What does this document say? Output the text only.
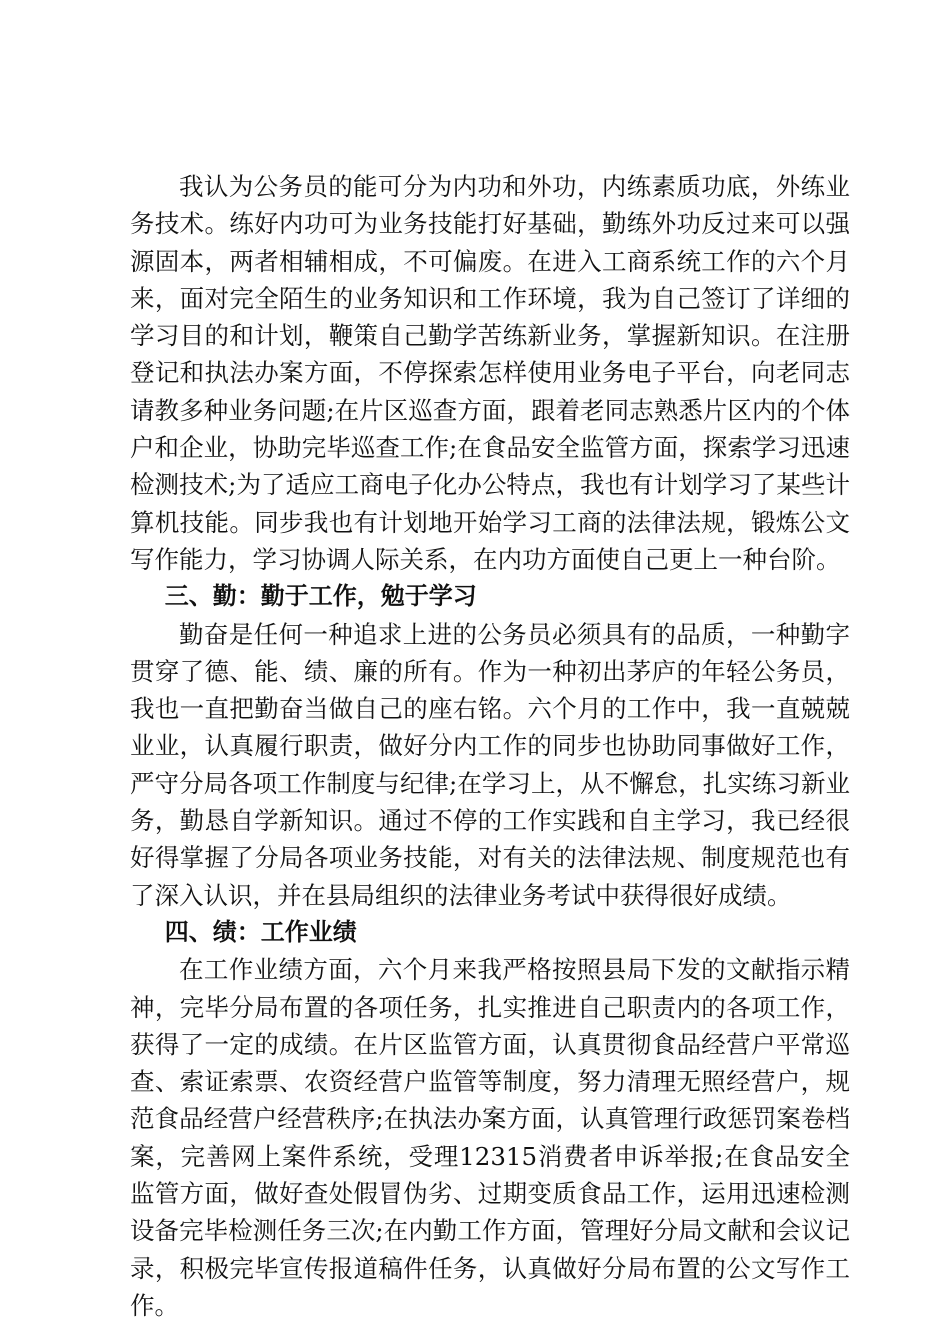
我认为公务员的能可分为内功和外功，内练素质功底，外练业务技术。练好内功可为业务技能打好基础，勤练外功反过来可以强源固本，两者相辅相成，不可偏废。在进入工商系统工作的六个月来，面对完全陌生的业务知识和工作环境，我为自己签订了详细的学习目的和计划，鞭策自己勤学苦练新业务，掌握新知识。在注册登记和执法办案方面，不停探索怎样使用业务电子平台，向老同志请教多种业务问题;在片区巡查方面，跟着老同志熟悉片区内的个体户和企业，协助完毕巡查工作;在食品安全监管方面，探索学习迅速检测技术;为了适应工商电子化办公特点，我也有计划学习了某些计算机技能。同步我也有计划地开始学习工商的法律法规，锻炼公文写作能力，学习协调人际关系，在内功方面使自己更上一种台阶。

三、勤：勤于工作，勉于学习

勤奋是任何一种追求上进的公务员必须具有的品质，一种勤字贯穿了德、能、绩、廉的所有。作为一种初出茅庐的年轻公务员，我也一直把勤奋当做自己的座右铭。六个月的工作中，我一直兢兢业业，认真履行职责，做好分内工作的同步也协助同事做好工作，严守分局各项工作制度与纪律;在学习上，从不懈怠，扎实练习新业务，勤恳自学新知识。通过不停的工作实践和自主学习，我已经很好得掌握了分局各项业务技能，对有关的法律法规、制度规范也有了深入认识，并在县局组织的法律业务考试中获得很好成绩。

四、绩：工作业绩

在工作业绩方面，六个月来我严格按照县局下发的文献指示精神，完毕分局布置的各项任务，扎实推进自己职责内的各项工作，获得了一定的成绩。在片区监管方面，认真贯彻食品经营户平常巡查、索证索票、农资经营户监管等制度，努力清理无照经营户，规范食品经营户经营秩序;在执法办案方面，认真管理行政惩罚案卷档案，完善网上案件系统，受理12315消费者申诉举报;在食品安全监管方面，做好查处假冒伪劣、过期变质食品工作，运用迅速检测设备完毕检测任务三次;在内勤工作方面，管理好分局文献和会议记录，积极完毕宣传报道稿件任务，认真做好分局布置的公文写作工作。
